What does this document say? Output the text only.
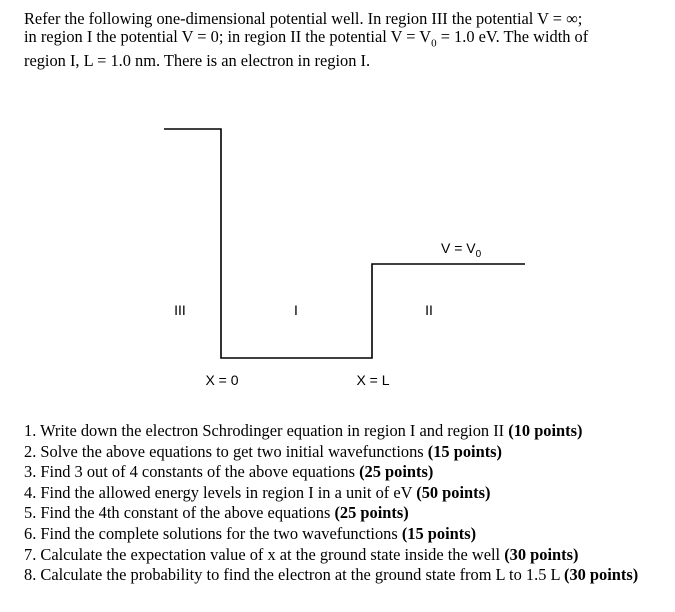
Refer the following one-dimensional potential well. In region III the potential V = ∞;
in region I the potential V = 0; in region II the potential $V = V_0 = 1.0$ eV. The width of
region I, L = 1.0 nm. There is an electron in region I.

III	I	II
X = 0	X = L
$V = V_0$
1. Write down the electron Schrodinger equation in region I and region II (10 points)
2. Solve the above equations to get two initial wavefunctions (15 points)
3. Find 3 out of 4 constants of the above equations (25 points)
4. Find the allowed energy levels in region I in a unit of eV (50 points)
5. Find the 4th constant of the above equations (25 points)
6. Find the complete solutions for the two wavefunctions (15 points)
7. Calculate the expectation value of x at the ground state inside the well (30 points)
8. Calculate the probability to find the electron at the ground state from L to 1.5 L (30 points)
